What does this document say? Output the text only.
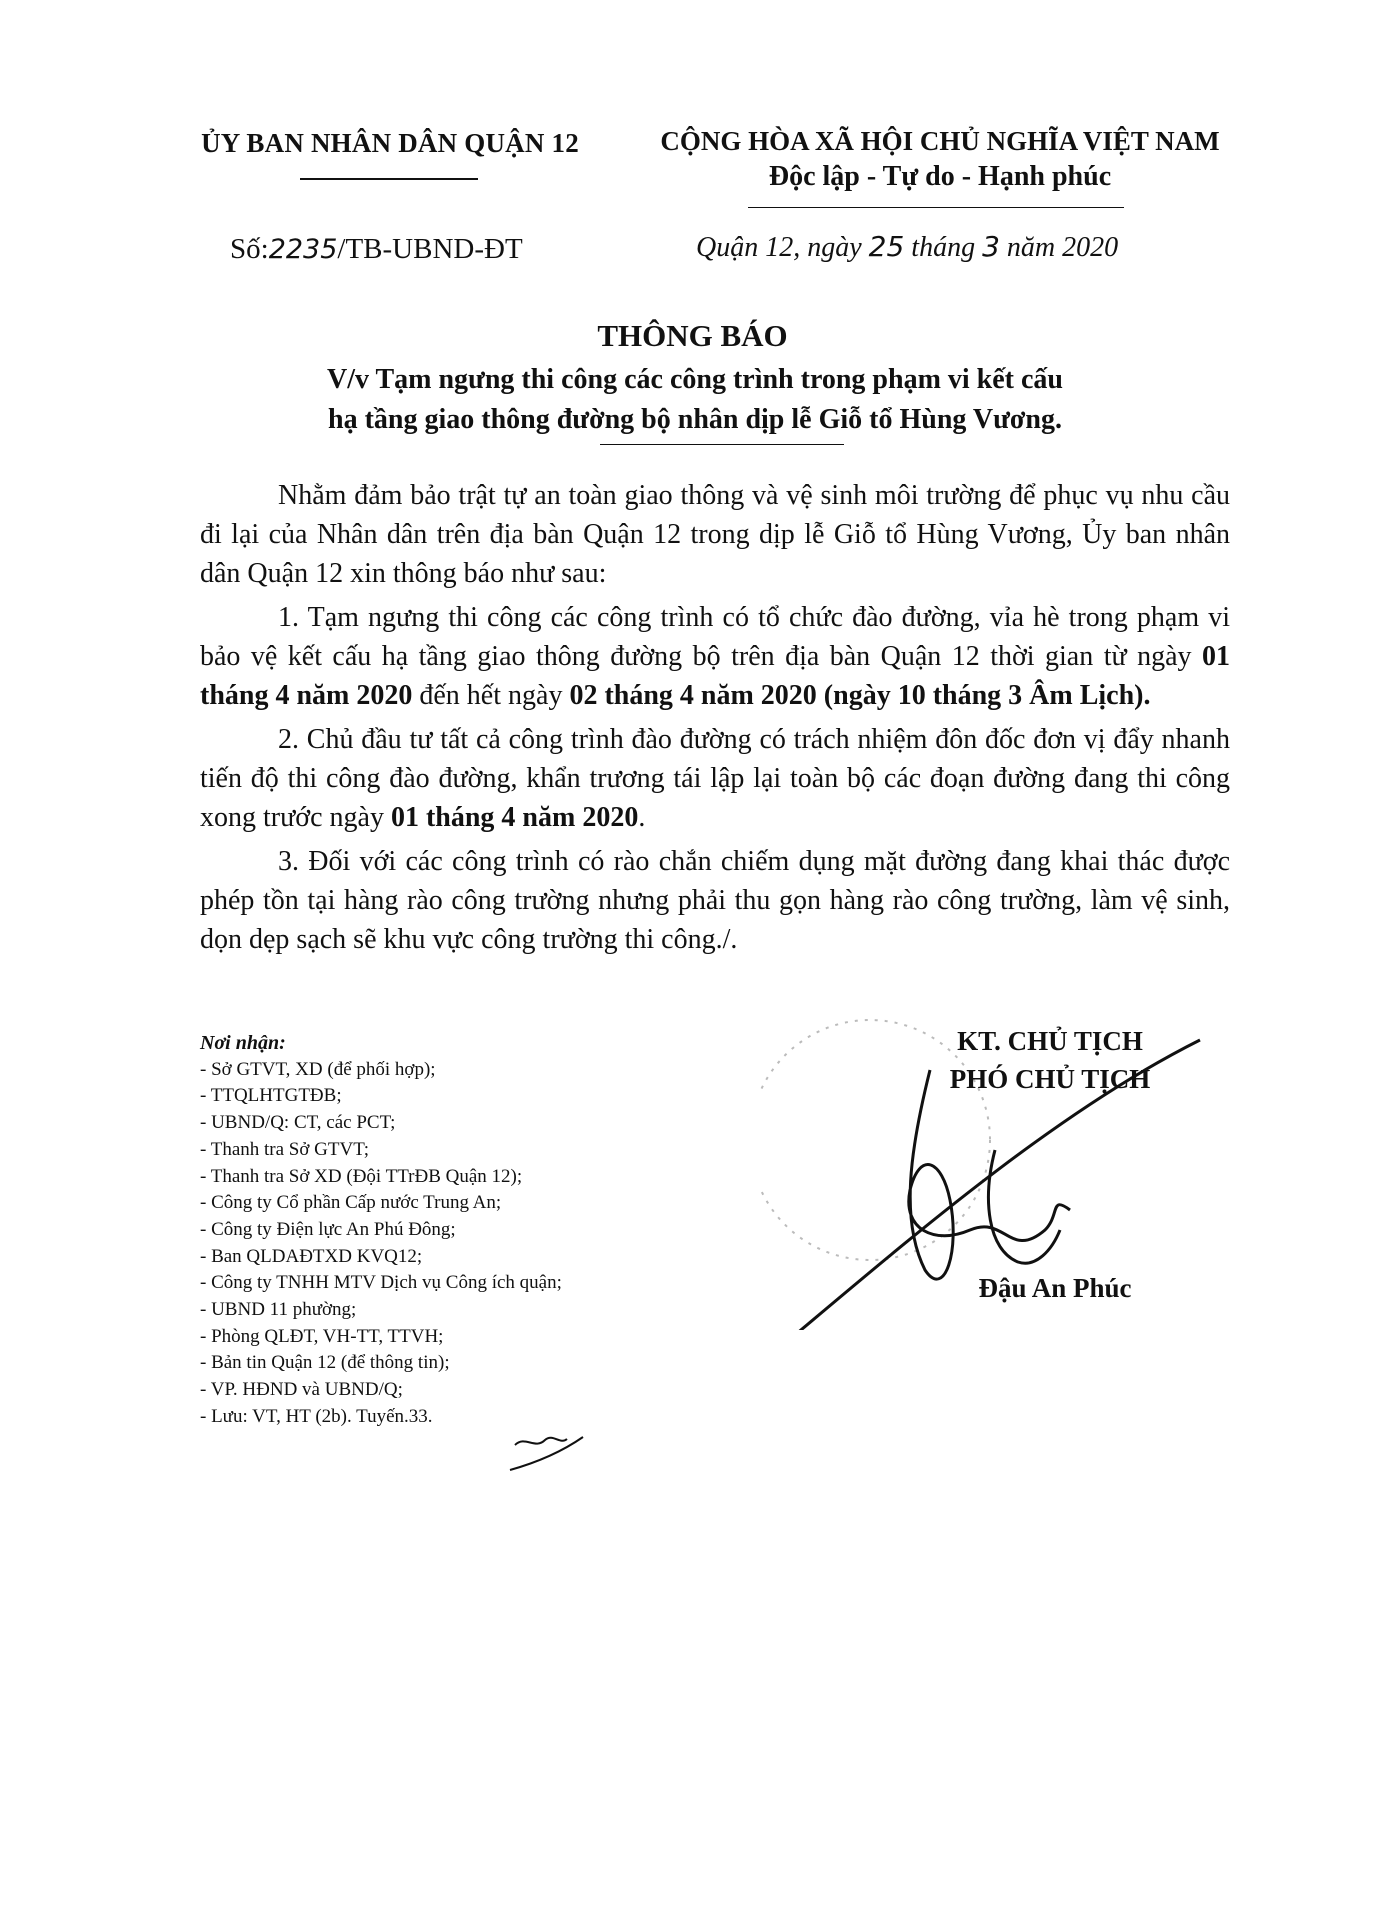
ỦY BAN NHÂN DÂN QUẬN 12	CỘNG HÒA XÃ HỘI CHỦ NGHĨA VIỆT NAM
Độc lập - Tự do - Hạnh phúc
Số:2235/TB-UBND-ĐT	Quận 12, ngày 25 tháng 3 năm 2020
THÔNG BÁO
V/v Tạm ngưng thi công các công trình trong phạm vi kết cấu
hạ tầng giao thông đường bộ nhân dịp lễ Giỗ tổ Hùng Vương.

Nhằm đảm bảo trật tự an toàn giao thông và vệ sinh môi trường để phục vụ nhu cầu đi lại của Nhân dân trên địa bàn Quận 12 trong dịp lễ Giỗ tổ Hùng Vương, Ủy ban nhân dân Quận 12 xin thông báo như sau:

1. Tạm ngưng thi công các công trình có tổ chức đào đường, vỉa hè trong phạm vi bảo vệ kết cấu hạ tầng giao thông đường bộ trên địa bàn Quận 12 thời gian từ ngày 01 tháng 4 năm 2020 đến hết ngày 02 tháng 4 năm 2020 (ngày 10 tháng 3 Âm Lịch).

2. Chủ đầu tư tất cả công trình đào đường có trách nhiệm đôn đốc đơn vị đẩy nhanh tiến độ thi công đào đường, khẩn trương tái lập lại toàn bộ các đoạn đường đang thi công xong trước ngày 01 tháng 4 năm 2020.

3. Đối với các công trình có rào chắn chiếm dụng mặt đường đang khai thác được phép tồn tại hàng rào công trường nhưng phải thu gọn hàng rào công trường, làm vệ sinh, dọn dẹp sạch sẽ khu vực công trường thi công./.

Nơi nhận:
- Sở GTVT, XD (để phối hợp);
- TTQLHTGTĐB;
- UBND/Q: CT, các PCT;
- Thanh tra Sở GTVT;
- Thanh tra Sở XD (Đội TTrĐB Quận 12);
- Công ty Cổ phần Cấp nước Trung An;
- Công ty Điện lực An Phú Đông;
- Ban QLDAĐTXD KVQ12;
- Công ty TNHH MTV Dịch vụ Công ích quận;
- UBND 11 phường;
- Phòng QLĐT, VH-TT, TTVH;
- Bản tin Quận 12 (để thông tin);
- VP. HĐND và UBND/Q;
- Lưu: VT, HT (2b). Tuyến.33.
KT. CHỦ TỊCH
PHÓ CHỦ TỊCH
Đậu An Phúc
